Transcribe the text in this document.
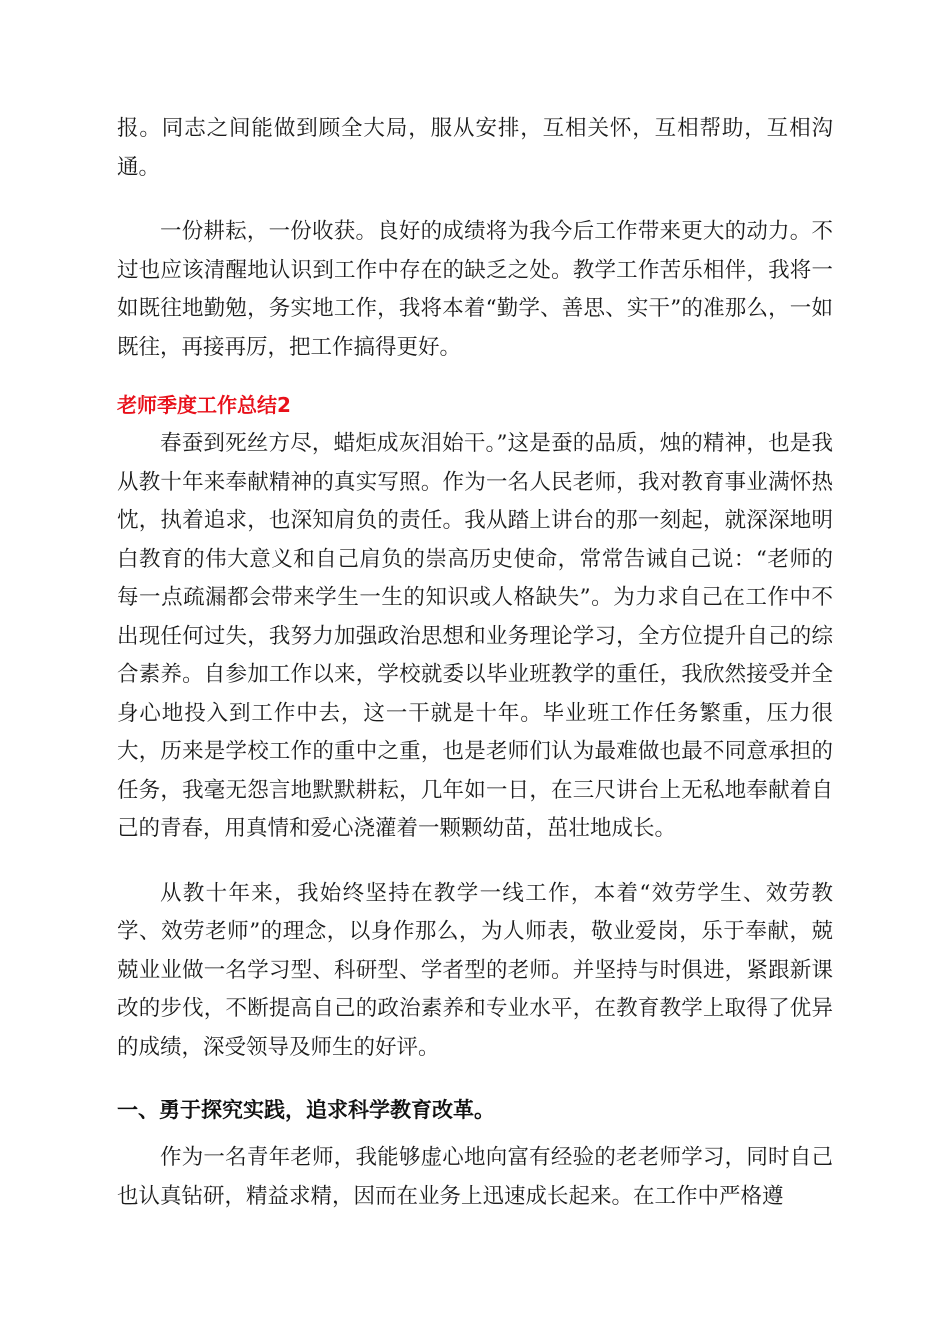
报。同志之间能做到顾全大局，服从安排，互相关怀，互相帮助，互相沟通。

一份耕耘，一份收获。良好的成绩将为我今后工作带来更大的动力。不过也应该清醒地认识到工作中存在的缺乏之处。教学工作苦乐相伴，我将一如既往地勤勉，务实地工作，我将本着“勤学、善思、实干”的准那么，一如既往，再接再厉，把工作搞得更好。

老师季度工作总结2

春蚕到死丝方尽，蜡炬成灰泪始干。”这是蚕的品质，烛的精神，也是我从教十年来奉献精神的真实写照。作为一名人民老师，我对教育事业满怀热忱，执着追求，也深知肩负的责任。我从踏上讲台的那一刻起，就深深地明白教育的伟大意义和自己肩负的崇高历史使命，常常告诫自己说：“老师的每一点疏漏都会带来学生一生的知识或人格缺失”。为力求自己在工作中不出现任何过失，我努力加强政治思想和业务理论学习，全方位提升自己的综合素养。自参加工作以来，学校就委以毕业班教学的重任，我欣然接受并全身心地投入到工作中去，这一干就是十年。毕业班工作任务繁重，压力很大，历来是学校工作的重中之重，也是老师们认为最难做也最不同意承担的任务，我毫无怨言地默默耕耘，几年如一日，在三尺讲台上无私地奉献着自己的青春，用真情和爱心浇灌着一颗颗幼苗，茁壮地成长。

从教十年来，我始终坚持在教学一线工作，本着“效劳学生、效劳教学、效劳老师”的理念，以身作那么，为人师表，敬业爱岗，乐于奉献，兢兢业业做一名学习型、科研型、学者型的老师。并坚持与时俱进，紧跟新课改的步伐，不断提高自己的政治素养和专业水平，在教育教学上取得了优异的成绩，深受领导及师生的好评。

一、勇于探究实践，追求科学教育改革。

作为一名青年老师，我能够虚心地向富有经验的老老师学习，同时自己也认真钻研，精益求精，因而在业务上迅速成长起来。在工作中严格遵
